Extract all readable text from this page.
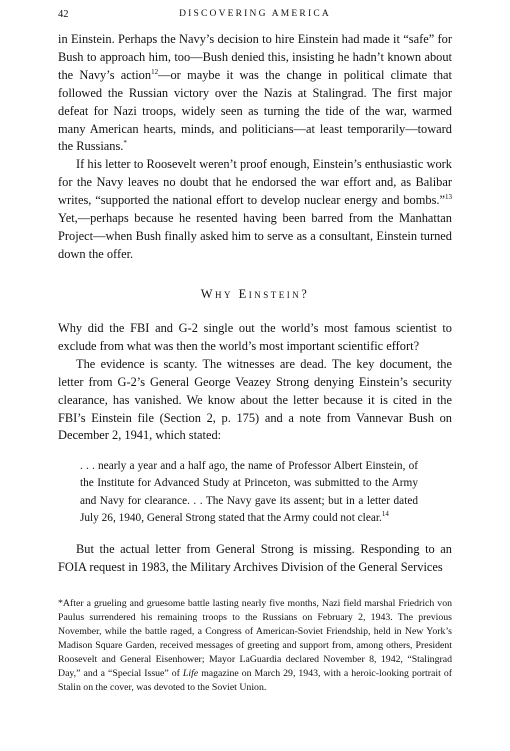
42	DISCOVERING AMERICA

in Einstein. Perhaps the Navy’s decision to hire Einstein had made it “safe” for Bush to approach him, too—Bush denied this, insisting he hadn’t known about the Navy’s action$^{12}$—or maybe it was the change in political climate that followed the Russian victory over the Nazis at Stalingrad. The first major defeat for Nazi troops, widely seen as turning the tide of the war, warmed many American hearts, minds, and politicians—at least temporarily—toward the Russians.*

If his letter to Roosevelt weren’t proof enough, Einstein’s enthusiastic work for the Navy leaves no doubt that he endorsed the war effort and, as Balibar writes, “supported the national effort to develop nuclear energy and bombs.”$^{13}$ Yet,—perhaps because he resented having been barred from the Manhattan Project—when Bush finally asked him to serve as a consultant, Einstein turned down the offer.

Why Einstein?

Why did the FBI and G-2 single out the world’s most famous scientist to exclude from what was then the world’s most important scientific effort?

The evidence is scanty. The witnesses are dead. The key document, the letter from G-2’s General George Veazey Strong denying Einstein’s security clearance, has vanished. We know about the letter because it is cited in the FBI’s Einstein file (Section 2, p. 175) and a note from Vannevar Bush on December 2, 1941, which stated:

. . . nearly a year and a half ago, the name of Professor Albert Einstein, of the Institute for Advanced Study at Princeton, was submitted to the Army and Navy for clearance. . . The Navy gave its assent; but in a letter dated July 26, 1940, General Strong stated that the Army could not clear.$^{14}$

But the actual letter from General Strong is missing. Responding to an FOIA request in 1983, the Military Archives Division of the General Services

*After a grueling and gruesome battle lasting nearly five months, Nazi field marshal Friedrich von Paulus surrendered his remaining troops to the Russians on February 2, 1943. The previous November, while the battle raged, a Congress of American-Soviet Friendship, held in New York’s Madison Square Garden, received messages of greeting and support from, among others, President Roosevelt and General Eisenhower; Mayor LaGuardia declared November 8, 1942, “Stalingrad Day,” and a “Special Issue” of Life magazine on March 29, 1943, with a heroic-looking portrait of Stalin on the cover, was devoted to the Soviet Union.
